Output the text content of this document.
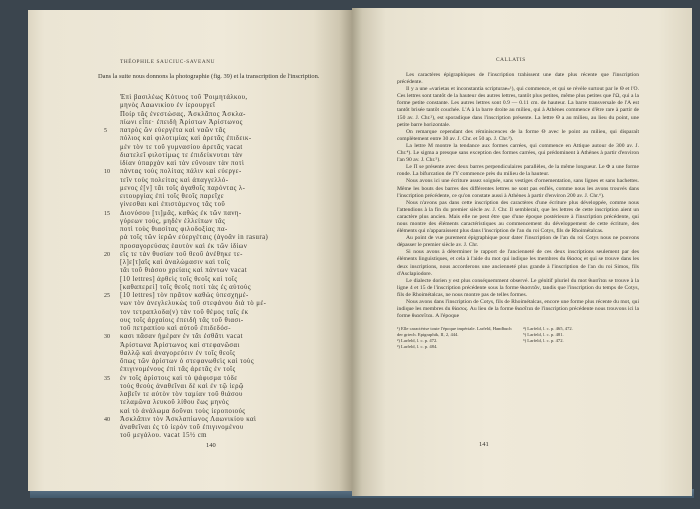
THÉOPHILE SAUCIUC-SAVEANU

Dans la suite nous donnons la photographie (fig. 39) et la transcription de l'inscription.

Ἐπὶ βασιλέως Κότυος τοῦ Ῥοιμητάλκου,
μηνὸς Λαωνικίου ἐν ἱερουργεῖ
Ποίρ τᾶς ἐνεστώσας, Ἀσκλᾶπος Ἀσκλα-
πίωνι εἶπε· ἐπειδὴ Ἀρίστων Ἀρίστωνος
5	πατρὸς ὢν εὐεργέτα καὶ ναῶν τᾶς
πόλιος καὶ φιλοτιμίας καὶ ἀρετᾶς ἐπιδεικ-
μέν τὸν τε τοῦ γυμνασίου ἀρετᾶς vacat
διατελεῖ φιλοτίμως τε ἐπιδείκνυται τὰν
ἰδίαν ὑπαρχὰν καὶ τὰν εὔνοιαν τὰν ποτὶ
10	πάντας τοὺς πολίτας πάλιν καὶ εὐεργε-
τεῖν τοὺς πολείτας καὶ ἀπαγγελλό-
μενος ἐ[ν] τᾶι τοῖς ἀγαθοῖς παρόντας λ-
ειτουργίας ἐπὶ τοῖς θεοῖς παρεῖχε
γίνεσθαι καὶ ἐπιστάμενος τᾶς τοῦ
15	Διονύσου [τι]μᾶς, καθὼς ἐκ τῶν πανη-
γύρεων τούς, μηδὲν ἐλλείπων τᾶς
ποτὶ τοὺς θιασίτας φιλοδοξίας πα-
ρὰ τοῖς τῶν ἱερῶν εὐεργέταις (ἀγοᾶν in rasura)
προσαγορεύσας ἑαυτὸν καὶ ἐκ τῶν ἰδίων
20	εἴς τε τὰν θυσίαν τοῦ θεοῦ ἀνέθηκε τε-
[λ]ε[τ]αῖς καὶ ἀναλώμασιν καὶ τοῖς
τᾶι τοῦ θιάσου χρείαις καὶ πάντων vacat
[10 lettres] ἀρθεὶς τοῖς θεοῖς καὶ τοῖς
[καθαπερεὶ] τοῖς θεοῖς ποτὶ τὰς ἐς αὐτοὺς
25	[10 lettres] τὸν πρᾶτον καθὼς ὑπεσχημέ-
νων τὸν ἀνεγλελυκὼς τοῦ στεφάνου διὰ τὸ μέ-
τον τετραπλοδα(ν) τὰν τοῦ θέμος ταῖς ἐκ
ους τοῖς ἀρχαίοις ἐπειδὴ τᾶς τοῦ θιασι-
τοῦ πετραπίου καὶ αὐτοῦ ἐπιδεδόσ-
30	κασι πᾶσαν ἡμέραν ἐν τᾶι ἐσθᾶτι vacat
Ἀρίστωνα Ἀρίστωνος καὶ στεφανῶσαι
θαλλῷ καὶ ἀναγορεύειν ἐν τοῖς θεοῖς
ὅπως τῶν ἀρίστων ὁ στεφανωθεὶς καὶ τοὺς
ἐπιγινομένους ἐπὶ τᾶς ἀρετᾶς ἐν τοῖς
35	ἐν τοῖς ἀρίστοις καὶ τὸ ψάφισμα τόδε
τοὺς θεοὺς ἀναθεῖναι δὲ καὶ ἐν τῷ ἱερῷ
λαβεῖν τε αὐτὸν τὸν ταμίαν τοῦ θιάσου
τελαμῶνα λευκοῦ λίθου ἕως μηνὸς
καὶ τὸ ἀνάλωμα δοῦναι τοὺς ἱεροποιούς
40	Ἀσκλᾶπιν τὸν Ἀσκλαπίωνος Λαωνικίου καὶ
ἀναθεῖναι ἐς τὸ ἱερὸν τοῦ ἐπιγινομένου
τοῦ μεγάλου. vacat 15½ cm
140
CALLATIS

Les caractères épigraphiques de l'inscription trahissent une date plus récente que l'inscription précédente.

Il y a une «varietas et inconstantia scripturae»¹), qui commence, et qui se révèle surtout par le Θ et l'Ο. Ces lettres sont tantôt de la hauteur des autres lettres, tantôt plus petites, même plus petites que l'Ω, qui a la forme petite constante. Les autres lettres sont 0.9 — 0.11 cm. de hauteur. La barre transversale de l'A est tantôt brisée tantôt couchée. L'A à la barre droite au milieu, qui à Athènes commence d'être rare à partir de 150 av. J. Chr.²), est sporadique dans l'inscription présente. La lettre Θ a au milieu, au lieu du point, une petite barre horizontale.

On remarque cependant des réminiscences de la forme Θ avec le point au milieu, qui disparaît complètement entre 30 av. J. Chr. et 50 ap. J. Chr.³).

La lettre M montre la tendance aux formes carrées, qui commence en Attique autour de 300 av. J. Chr.⁴). Le sigma a presque sans exception des formes carrées, qui prédominent à Athènes à partir d'environ l'an 90 av. J. Chr.⁵).

Le Π se présente avec deux barres perpendiculaires parallèles, de la même longueur. Le Φ a une forme ronde. La bifurcation de l'Y commence près du milieu de la hauteur.

Nous avons ici une écriture assez soignée, sans vestiges d'ornementation, sans lignes et sans hachettes. Même les bouts des barres des différentes lettres ne sont pas enflés, comme nous les avons trouvés dans l'inscription précédente, ce qu'on constate aussi à Athènes à partir d'environ 200 av. J. Chr.⁶).

Nous n'avons pas dans cette inscription des caractères d'une écriture plus développée, comme nous l'attendions à la fin du premier siècle av. J. Chr. Il semblerait, que les lettres de cette inscription aient un caractère plus ancien. Mais elle ne peut être que d'une époque postérieure à l'inscription précédente, qui nous montre des éléments caractéristiques au commencement du développement de cette écriture, des éléments qui n'apparaissent plus dans l'inscription de l'an du roi Cotys, fils de Rhoimétalcas.

Au point de vue purement épigraphique pour dater l'inscription de l'an du roi Cotys nous ne pouvons dépasser le premier siècle av. J. Chr.

Si nous avons à déterminer le rapport de l'ancienneté de ces deux inscriptions seulement par des éléments linguistiques, et cela à l'aide du mot qui indique les membres du θίασος et qui se trouve dans les deux inscriptions, nous accorderons une ancienneté plus grande à l'inscription de l'an du roi Simos, fils d'Asclapiodore.

Le dialecte dorien y est plus conséquemment observé. Le génitif pluriel du mot θιασῖται se trouve à la ligne 4 et 15 de l'inscription précédente sous la forme θιασιτᾶν, tandis que l'inscription du temps de Cotys, fils de Rhoimétalcas, ne nous montre pas de telles formes.

Nous avons dans l'inscription de Cotys, fils de Rhoimétalcas, encore une forme plus récente du mot, qui indique les membres du θίασος. Au lieu de la forme θιασῖται de l'inscription précédente nous trouvons ici la forme θιασεῖται. A l'époque

¹) Elle caractérise toute l'époque impériale. Larfeld, Handbuch der griech. Epigraphik, II, 2, 444.

²) Larfeld, l. c. p. 472.

³) Larfeld, l. c. p. 484.

⁴) Larfeld, l. c. p. 465, 472.

⁵) Larfeld, l. c. p. 481.

⁶) Larfeld, l. c. p. 472.

141
